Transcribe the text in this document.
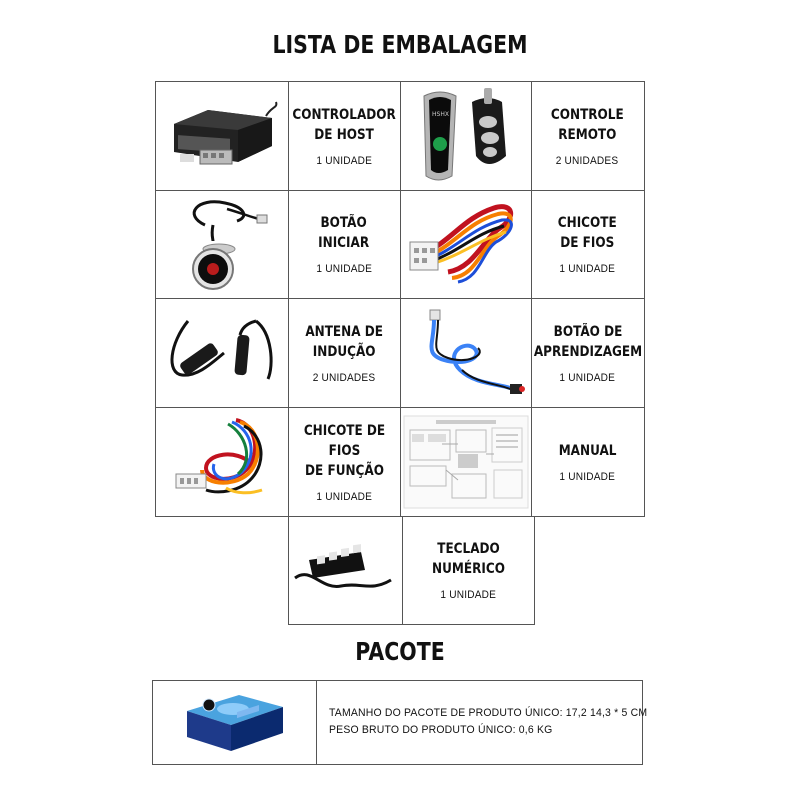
LISTA DE EMBALAGEM
CONTROLADOR
DE HOST
1 UNIDADE
HSHX	CONTROLE
REMOTO
2 UNIDADES
BOTÃO
INICIAR
1 UNIDADE
CHICOTE
DE FIOS
1 UNIDADE
ANTENA DE
INDUÇÃO
2 UNIDADES
BOTÃO DE
APRENDIZAGEM
1 UNIDADE
CHICOTE DE FIOS
DE FUNÇÃO
1 UNIDADE
MANUAL
1 UNIDADE
TECLADO NUMÉRICO
1 UNIDADE
PACOTE
TAMANHO DO PACOTE DE PRODUTO ÚNICO: 17,2 14,3 * 5 CM
PESO BRUTO DO PRODUTO ÚNICO: 0,6 KG
